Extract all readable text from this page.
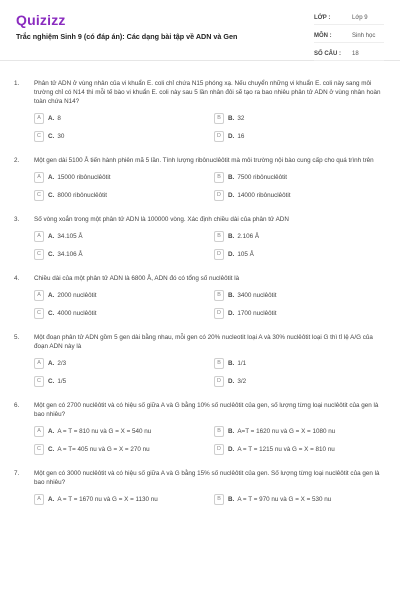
Quizizz
Trắc nghiệm Sinh 9 (có đáp án): Các dạng bài tập về ADN và Gen
LỚP :	Lớp 9
MÔN :	Sinh học
SỐ CÂU :	18
1.	Phân tử ADN ở vùng nhân của vi khuẩn E. coli chỉ chứa N15 phóng xạ. Nếu chuyển những vi khuẩn E. coli này sang môi trường chỉ có N14 thì mỗi tế bào vi khuẩn E. coli này sau 5 lần nhân đôi sẽ tạo ra bao nhiêu phân tử ADN ở vùng nhân hoàn toàn chứa N14?
A	A. 8	B	B. 32
C	C. 30	D	D. 16
2.	Một gen dài 5100 Å tiến hành phiên mã 5 lần. Tính lượng ribônuclêôtit mà môi trường nội bào cung cấp cho quá trình trên
A	A. 15000 ribônuclêôtit	B	B. 7500 ribônuclêôtit
C	C. 8000 ribônuclêôtit	D	D. 14000 ribônuclêôtit
3.	Số vòng xoắn trong một phân tử ADN là 100000 vòng. Xác định chiều dài của phân tử ADN
A	A. 34.105 Å	B	B. 2.106 Å
C	C. 34.106 Å	D	D. 105 Å
4.	Chiều dài của một phân tử ADN là 6800 Å, ADN đó có tổng số nuclêôtit là
A	A. 2000 nuclêôtit	B	B. 3400 nuclêôtit
C	C. 4000 nuclêôtit	D	D. 1700 nuclêôtit
5.	Một đoạn phân tử ADN gồm 5 gen dài bằng nhau, mỗi gen có 20% nucleotit loại A và 30% nuclêôtit loại G thì tỉ lệ A/G của đoạn ADN này là
A	A. 2/3	B	B. 1/1
C	C. 1/5	D	D. 3/2
6.	Một gen có 2700 nuclêôtit và có hiệu số giữa A và G bằng 10% số nuclêôtit của gen, số lượng từng loại nuclêôtit của gen là bao nhiêu?
A	A. A = T = 810 nu và G = X = 540 nu	B	B. A=T = 1620 nu và G = X = 1080 nu
C	C. A = T= 405 nu và G = X = 270 nu	D	D. A = T = 1215 nu và G = X = 810 nu
7.	Một gen có 3000 nuclêôtit và có hiệu số giữa A và G bằng 15% số nuclêôtit của gen. Số lượng từng loại nuclêôtit của gen là bao nhiêu?
A	A. A = T = 1670 nu và G = X = 1130 nu	B	B. A = T = 970 nu và G = X = 530 nu
